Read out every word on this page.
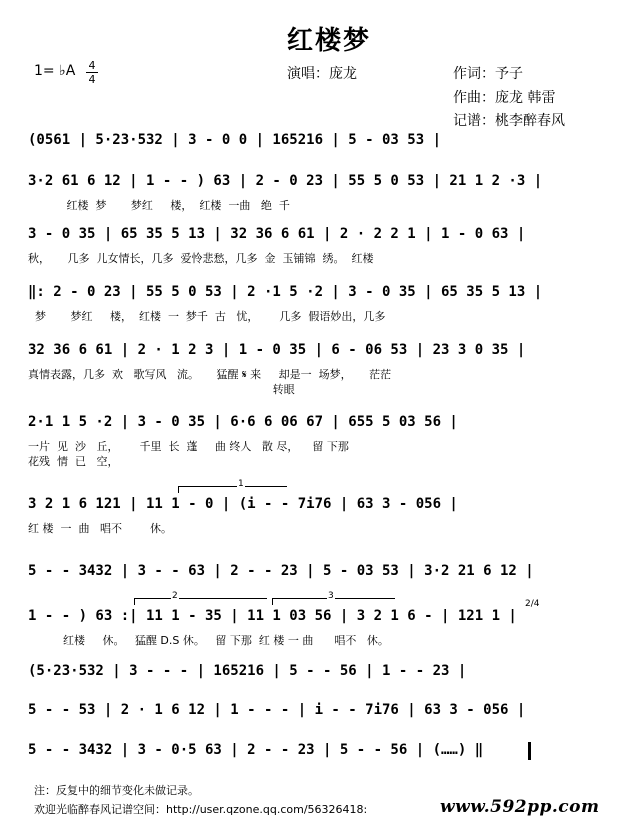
红楼梦
1= ♭A 4
4	演唱：庞龙	作词：予子
作曲：庞龙 韩雷
记谱：桃李醉春风
(0561 | 5·23·532 | 3 - 0 0 | 165216 | 5 - 03 53 |
3·2 61 6 12 | 1 - - ) 63 | 2 - 0 23 | 55 5 0 53 | 21 1 2 ·3 |
红楼  梦       梦红     楼，  红楼  一曲   绝  千
3 - 0 35 | 65 35 5 13 | 32 36 6 61 | 2 · 2 2 1 | 1 - 0 63 |
秋，     几多  儿女情长，几多  爱怜悲愁，几多  金  玉铺锦  绣。  红楼
‖: 2 - 0 23 | 55 5 0 53 | 2 ·1 5 ·2 | 3 - 0 35 | 65 35 5 13 |
梦       梦红     楼，  红楼  一  梦千  古   忧，      几多  假语妙出，几多
32 36 6 61 | 2 · 1 2 3 | 1 - 0 35 | 6 - 06 53 | 23 3 0 35 |
真情表露，几多  欢   歌写风   流。     猛醒 𝄋 来     却是一  场梦，     茫茫
转眼
2·1 1 5 ·2 | 3 - 0 35 | 6·6 6 06 67 | 655 5 03 56 |
一片  见  沙   丘，      千里  长  蓬     曲 终人   散 尽，    留 下那
花残  情  已   空，
3 2 1 6 121 | 11 1 - 0 | (i - - 7i76 | 63 3 - 056 |
红 楼  一  曲   唱不        休。
5 - - 3432 | 3 - - 63 | 2 - - 23 | 5 - 03 53 | 3·2 21 6 12 |
1 - - ) 63 :| 11 1 - 35 | 11 1 03 56 | 3 2 1 6 - | 121 1 |
红楼     休。   猛醒 D.S 休。   留 下那  红 楼 一 曲      唱不   休。
(5·23·532 | 3 - - - | 165216 | 5 - - 56 | 1 - - 23 |
5 - - 53 | 2 · 1 6 12 | 1 - - - | i - - 7i76 | 63 3 - 056 |
5 - - 3432 | 3 - 0·5 63 | 2 - - 23 | 5 - - 56 | (……) ‖
1
2	3
2/4
注：反复中的细节变化未做记录。
欢迎光临醉春风记谱空间：http://user.qzone.qq.com/56326418:	www.592pp.com
